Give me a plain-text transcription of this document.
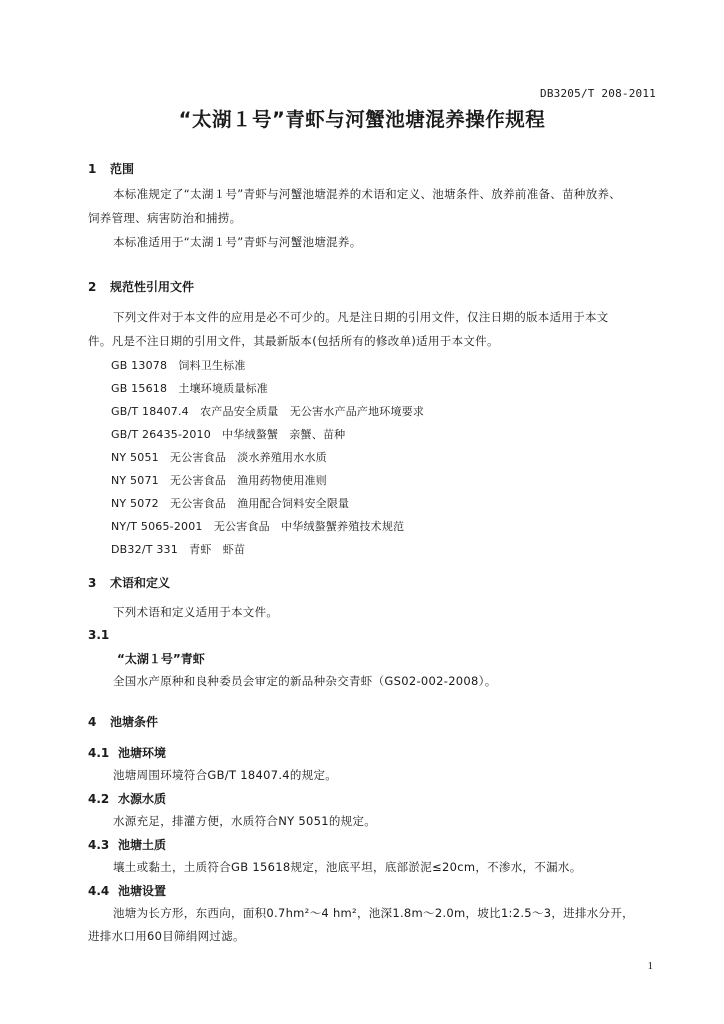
DB3205/T 208-2011
“太湖１号”青虾与河蟹池塘混养操作规程
1 范围
本标准规定了“太湖１号”青虾与河蟹池塘混养的术语和定义、池塘条件、放养前准备、苗种放养、
饲养管理、病害防治和捕捞。
本标准适用于“太湖１号”青虾与河蟹池塘混养。
2 规范性引用文件
下列文件对于本文件的应用是必不可少的。凡是注日期的引用文件，仅注日期的版本适用于本文
件。凡是不注日期的引用文件，其最新版本(包括所有的修改单)适用于本文件。
GB 13078　 饲料卫生标准
GB 15618　 土壤环境质量标准
GB/T 18407.4　 农产品安全质量　无公害水产品产地环境要求
GB/T 26435-2010　 中华绒螯蟹　亲蟹、苗种
NY 5051　 无公害食品　淡水养殖用水水质
NY 5071　 无公害食品　渔用药物使用准则
NY 5072　 无公害食品　渔用配合饲料安全限量
NY/T 5065-2001　 无公害食品　中华绒螯蟹养殖技术规范
DB32/T 331　 青虾　虾苗
3 术语和定义
下列术语和定义适用于本文件。
3.1
“太湖１号”青虾
全国水产原种和良种委员会审定的新品种杂交青虾（GS02-002-2008）。
4 池塘条件
4.1 池塘环境
池塘周围环境符合GB/T 18407.4的规定。
4.2 水源水质
水源充足，排灌方便，水质符合NY 5051的规定。
4.3 池塘土质
壤土或黏土，土质符合GB 15618规定，池底平坦，底部淤泥≤20cm，不渗水，不漏水。
4.4 池塘设置
池塘为长方形，东西向，面积0.7hm²～4 hm²，池深1.8m～2.0m，坡比1:2.5～3，进排水分开，
进排水口用60目筛绢网过滤。
1
